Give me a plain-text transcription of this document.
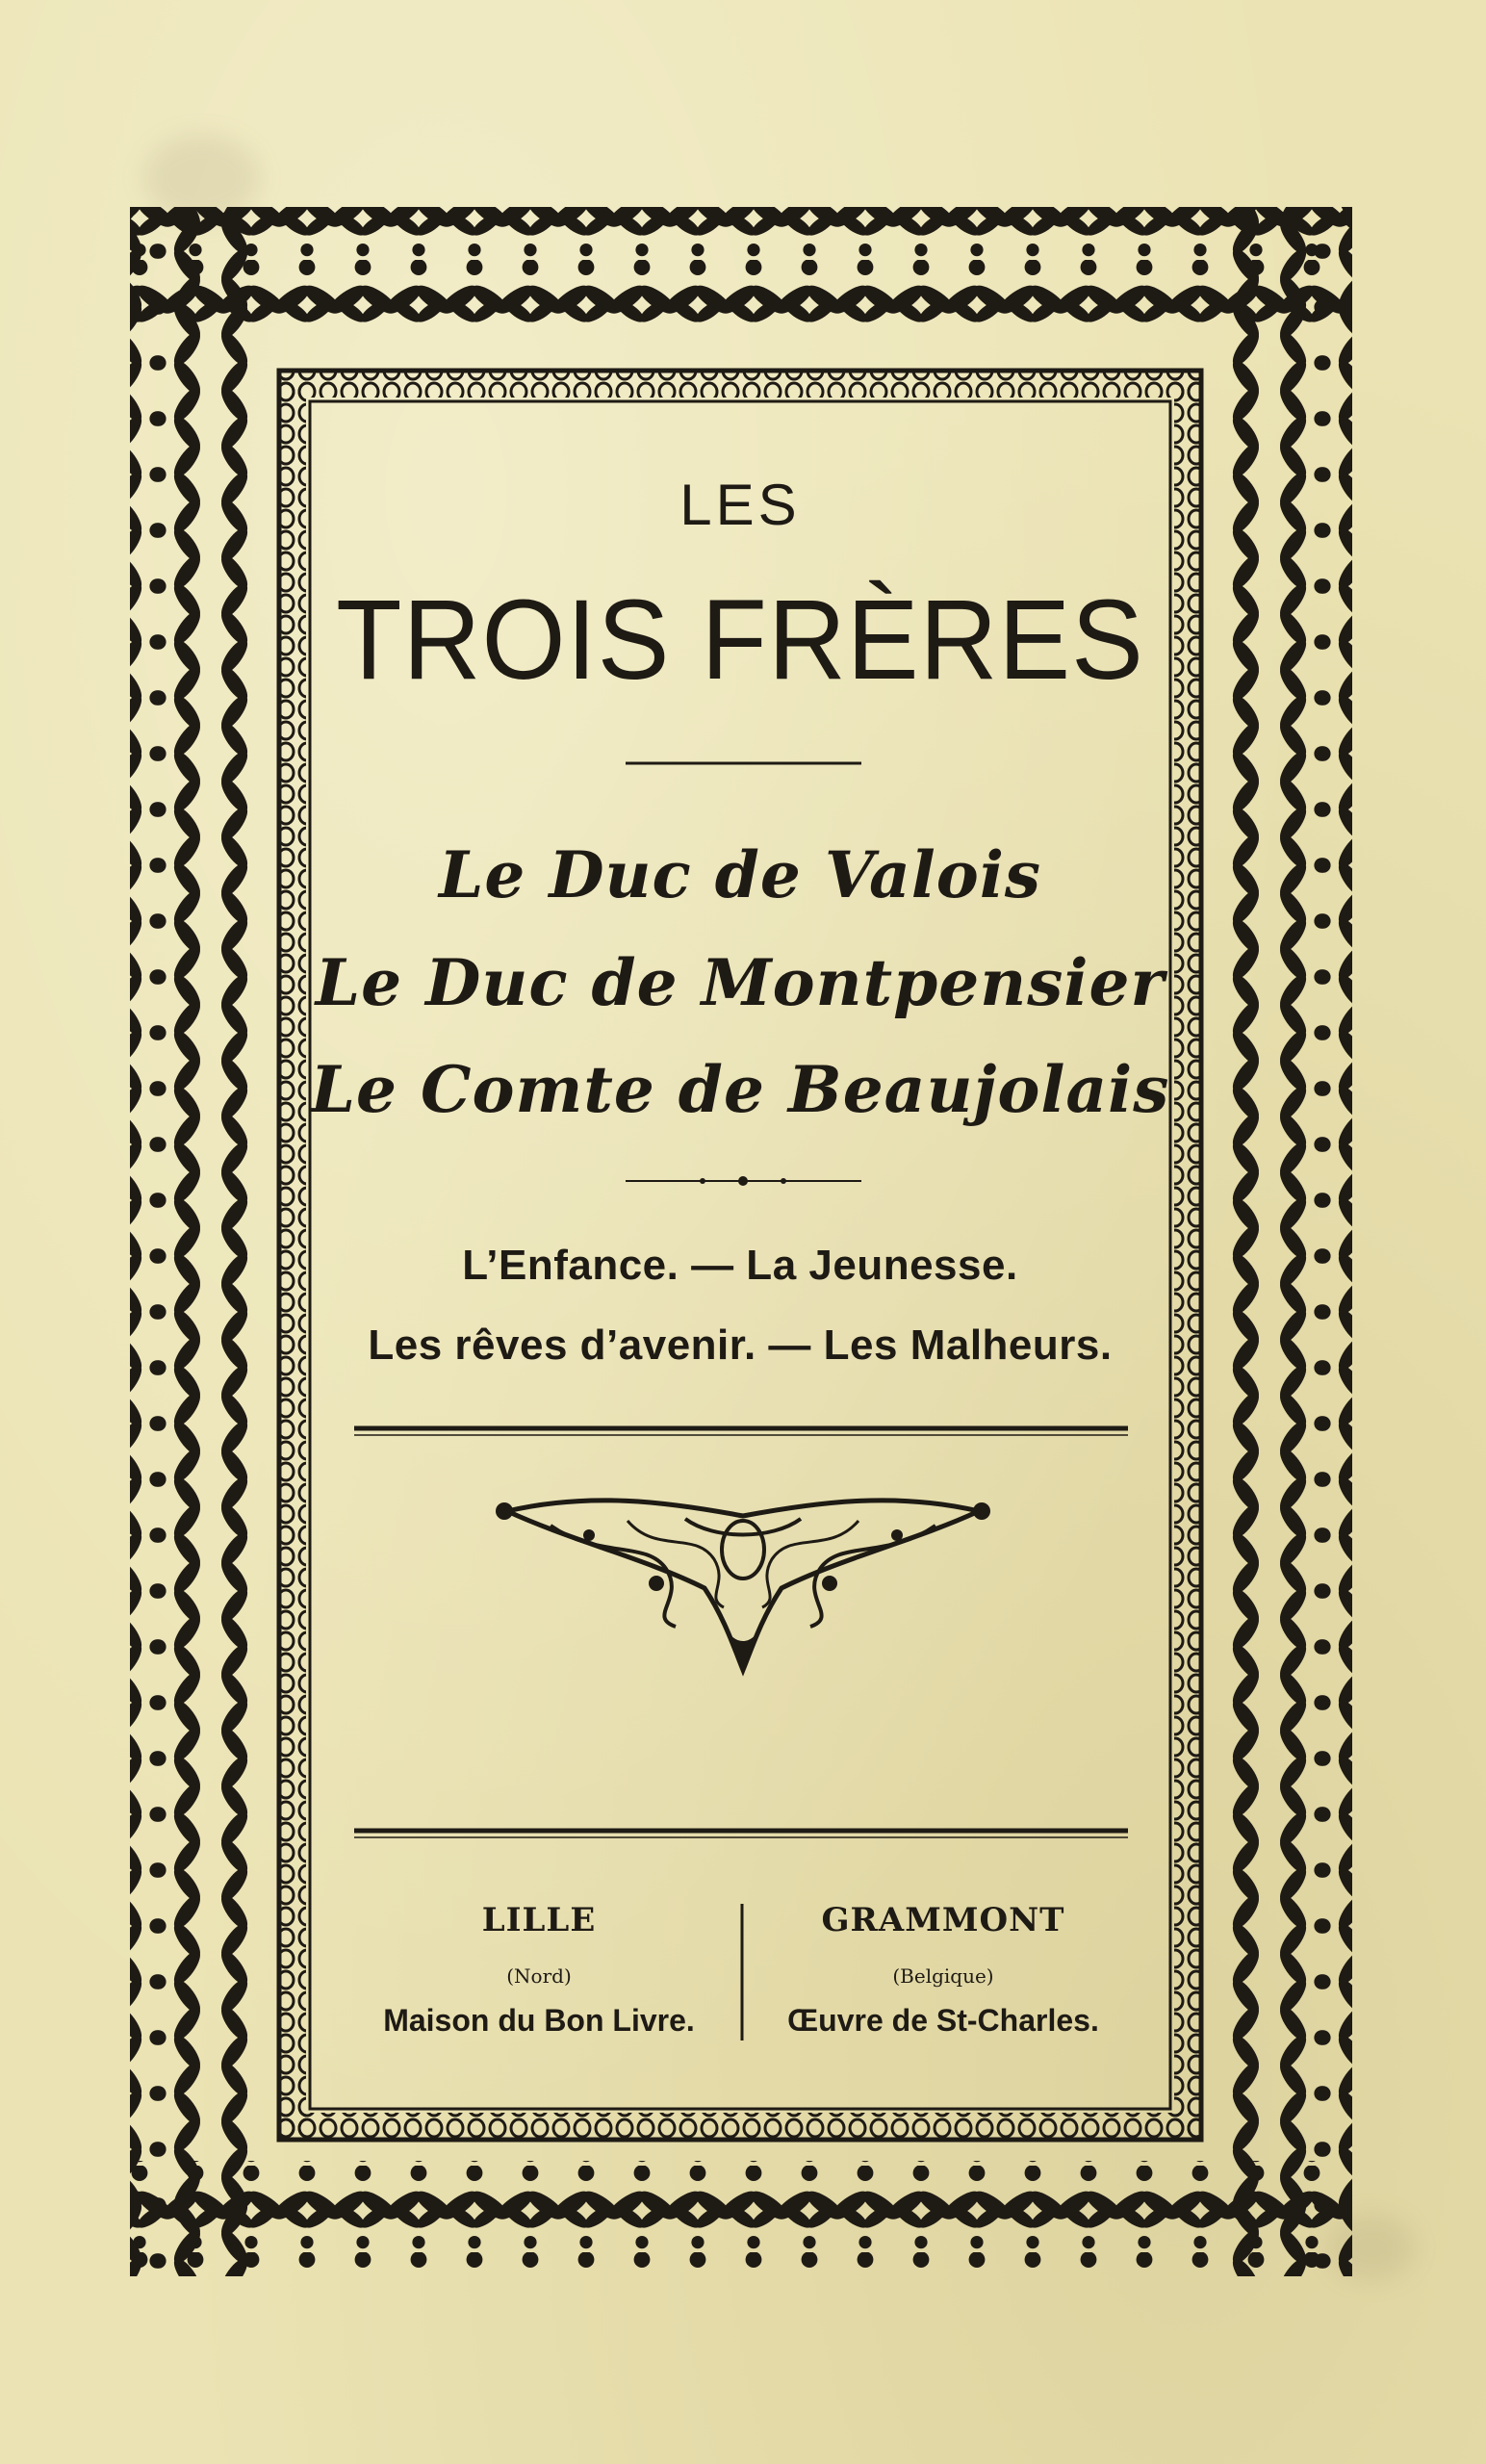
LES
TROIS FRÈRES
Le Duc de Valois
Le Duc de Montpensier
Le Comte de Beaujolais
L’Enfance. — La Jeunesse.
Les rêves d’avenir. — Les Malheurs.
LILLE
(Nord)
Maison du Bon Livre.
GRAMMONT
(Belgique)
Œuvre de St-Charles.
